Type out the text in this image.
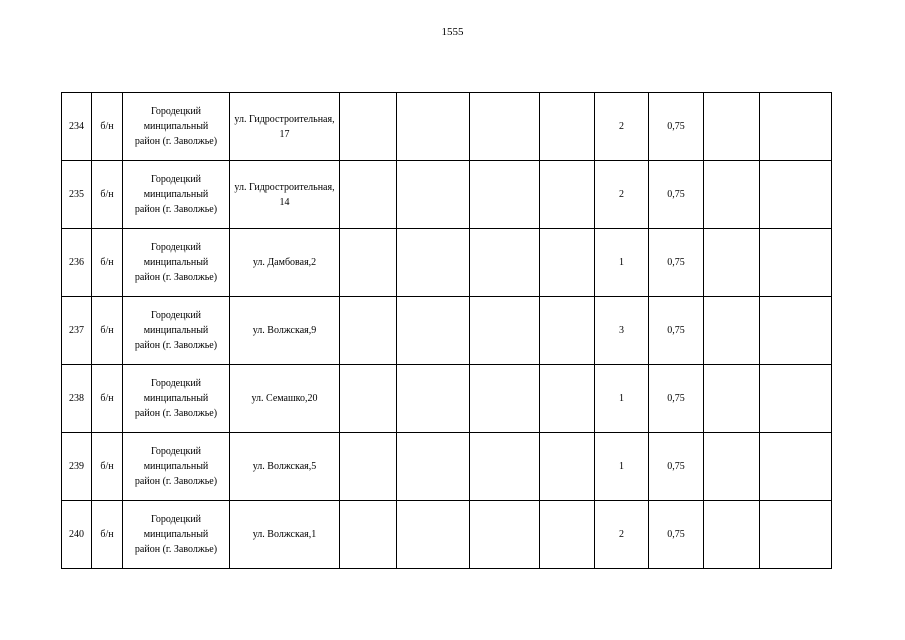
1555
234	б/н	Городецкий
минципальный
район (г. Заволжье)	ул. Гидростроительная, 17					2	0,75		
235	б/н	Городецкий
минципальный
район (г. Заволжье)	ул. Гидростроительная, 14					2	0,75		
236	б/н	Городецкий
минципальный
район (г. Заволжье)	ул. Дамбовая,2					1	0,75		
237	б/н	Городецкий
минципальный
район (г. Заволжье)	ул. Волжская,9					3	0,75		
238	б/н	Городецкий
минципальный
район (г. Заволжье)	ул. Семашко,20					1	0,75		
239	б/н	Городецкий
минципальный
район (г. Заволжье)	ул. Волжская,5					1	0,75		
240	б/н	Городецкий
минципальный
район (г. Заволжье)	ул. Волжская,1					2	0,75		
